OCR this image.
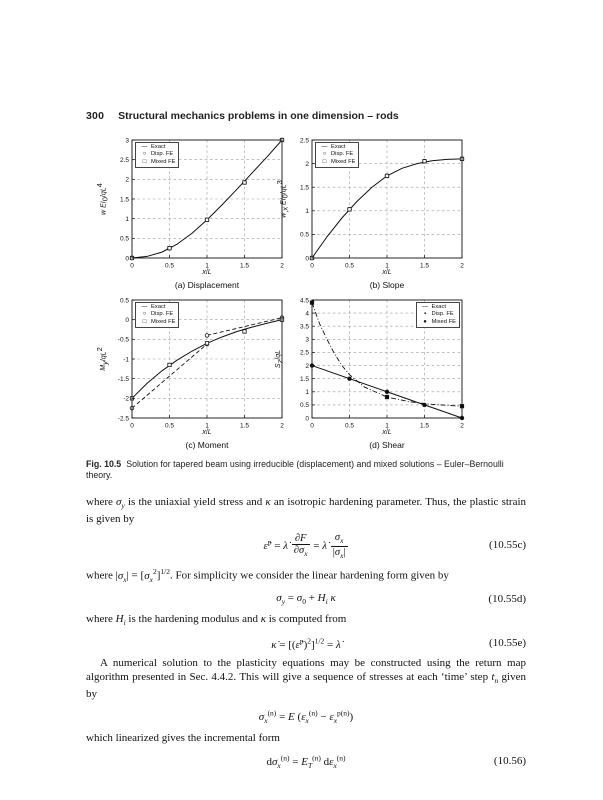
300 Structural mechanics problems in one dimension – rods
w $EI_0/qL^4$
0	0.5	1	1.5	2
0
0.5
1
1.5
2
2.5
3
x/L
(a) Displacement
— Exact
○ Disp. FE
□ Mixed FE
$w_{,x}$ $EI_0/qL^3$
0	0.5	1	1.5	2
0
0.5
1
1.5
2
2.5
x/L
(b) Slope
— Exact
○ Disp. FE
□ Mixed FE
$M_y/qL^2$
0	0.5	1	1.5	2
-2.5
-2
-1.5
-1
-0.5
0
0.5
x/L
(c) Moment
— Exact
○ Disp. FE
□ Mixed FE
$S_z/qL$
0	0.5	1	1.5	2
0
0.5
1
1.5
2
2.5
3
3.5
4
4.5
x/L
(d) Shear
— Exact
▪ Disp. FE
● Mixed FE
Fig. 10.5 Solution for tapered beam using irreducible (displacement) and mixed solutions – Euler–Bernoulli theory.

where $\sigma_y$ is the uniaxial yield stress and κ an isotropic hardening parameter. Thus, the plastic strain is given by

ε̇$^p$ = λ̇ $\frac{\partial F}{\partial\sigma_x}$ = λ̇ $\frac{\sigma_x}{|\sigma_x|}$	(10.55c)

where $|\sigma_x| = [\sigma_x^2]^{1/2}$. For simplicity we consider the linear hardening form given by

$\sigma_y = \sigma_0 + H_i$ κ	(10.55d)

where $H_i$ is the hardening modulus and κ is computed from

κ̇ = [(ε̇$^p$)$^2$]$^{1/2}$ = λ̇	(10.55e)

A numerical solution to the plasticity equations may be constructed using the return map algorithm presented in Sec. 4.4.2. This will give a sequence of stresses at each ‘time’ step $t_n$ given by

$\sigma_x^{(n)} = E$ $(\varepsilon_x^{(n)} - \varepsilon_x^{p(n)})$

which linearized gives the incremental form

$d\sigma_x^{(n)} = E_T^{(n)}$ $d\varepsilon_x^{(n)}$	(10.56)
